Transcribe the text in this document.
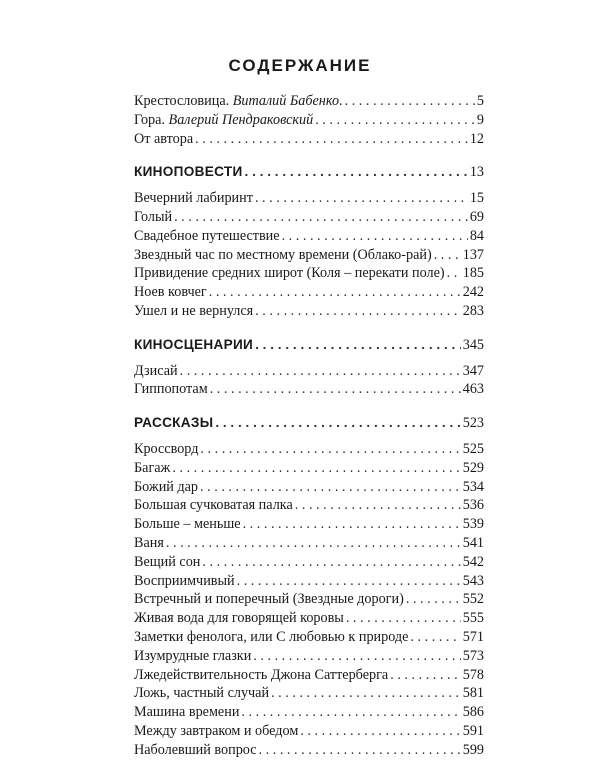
СОДЕРЖАНИЕ
Крестословица. Виталий Бабенко. . . .	5
Гора. Валерий Пендраковский . . .	9
От автора . . .	12
КИНОПОВЕСТИ . . .	13
Вечерний лабиринт . . .	15
Голый . . .	69
Свадебное путешествие . . .	84
Звездный час по местному времени (Облако-рай) . . . 137
Привидение средних широт (Коля – перекати поле) . . . 185
Ноев ковчег . . .	242
Ушел и не вернулся . . .	283
КИНОСЦЕНАРИИ . . .	345
Дзисай . . .	347
Гиппопотам . . .	463
РАССКАЗЫ . . .	523
Кроссворд . . .	525
Багаж . . .	529
Божий дар . . .	534
Большая сучковатая палка . . .	536
Больше – меньше . . .	539
Ваня . . .	541
Вещий сон . . .	542
Восприимчивый . . .	543
Встречный и поперечный (Звездные дороги) . . .	552
Живая вода для говорящей коровы . . .	555
Заметки фенолога, или С любовью к природе . . .	571
Изумрудные глазки . . .	573
Лжедействительность Джона Саттерберга . . .	578
Ложь, частный случай . . .	581
Машина времени . . .	586
Между завтраком и обедом . . .	591
Наболевший вопрос . . .	599
